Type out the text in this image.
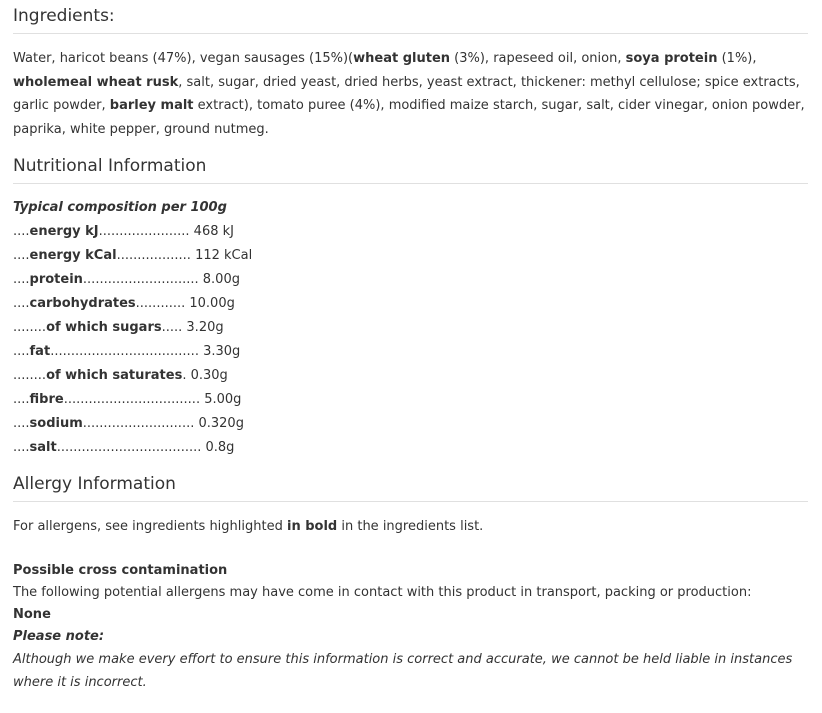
Ingredients:

Water, haricot beans (47%), vegan sausages (15%)(wheat gluten (3%), rapeseed oil, onion, soya protein (1%), wholemeal wheat rusk, salt, sugar, dried yeast, dried herbs, yeast extract, thickener: methyl cellulose; spice extracts, garlic powder, barley malt extract), tomato puree (4%), modified maize starch, sugar, salt, cider vinegar, onion powder, paprika, white pepper, ground nutmeg.

Nutritional Information

Typical composition per 100g

....energy kJ...................... 468 kJ
....energy kCal.................. 112 kCal
....protein............................ 8.00g
....carbohydrates............ 10.00g
........of which sugars..... 3.20g
....fat.................................... 3.30g
........of which saturates. 0.30g
....fibre................................. 5.00g
....sodium........................... 0.320g
....salt................................... 0.8g
Allergy Information

For allergens, see ingredients highlighted in bold in the ingredients list.

Possible cross contamination

The following potential allergens may have come in contact with this product in transport, packing or production:

None

Please note:

Although we make every effort to ensure this information is correct and accurate, we cannot be held liable in instances where it is incorrect.
